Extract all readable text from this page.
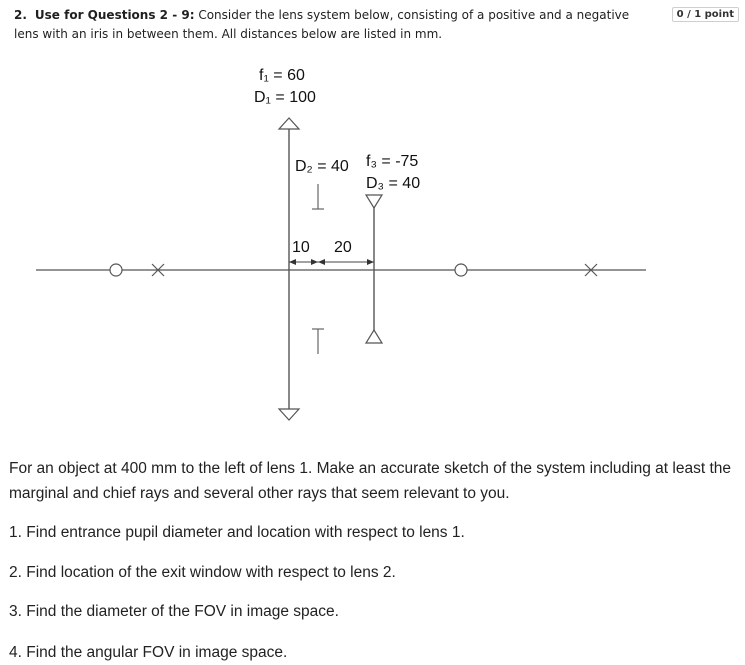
2. Use for Questions 2 - 9: Consider the lens system below, consisting of a positive and a negative lens with an iris in between them. All distances below are listed in mm.
0 / 1 point
f₁ = 60
D₁ = 100
D₂ = 40 f₃ = -75
D₃ = 40
10 20
For an object at 400 mm to the left of lens 1. Make an accurate sketch of the system including at least the marginal and chief rays and several other rays that seem relevant to you.
1. Find entrance pupil diameter and location with respect to lens 1.
2. Find location of the exit window with respect to lens 2.
3. Find the diameter of the FOV in image space.
4. Find the angular FOV in image space.
